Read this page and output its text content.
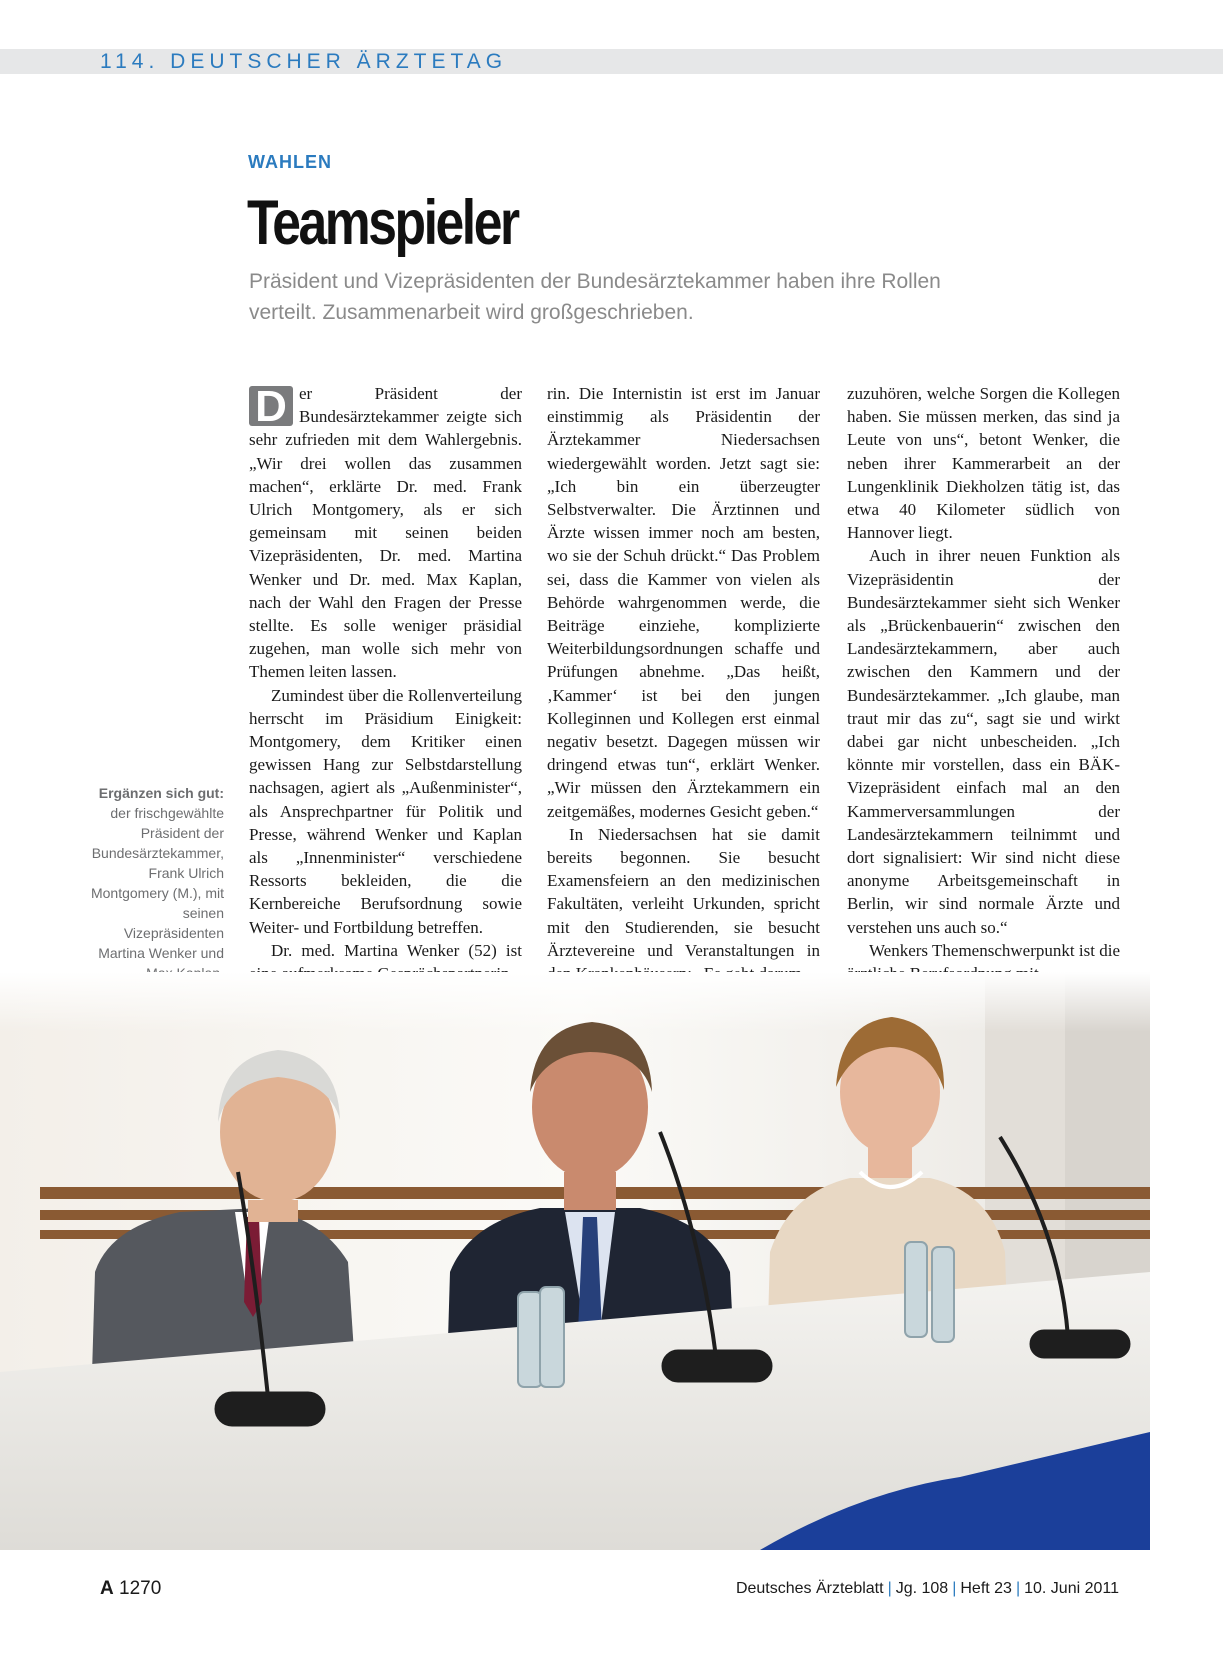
114. DEUTSCHER ÄRZTETAG
WAHLEN
Teamspieler
Präsident und Vizepräsidenten der Bundesärztekammer haben ihre Rollen verteilt. Zusammenarbeit wird großgeschrieben.
Ergänzen sich gut: der frischgewählte Präsident der Bundesärztekammer, Frank Ulrich Montgomery (M.), mit seinen Vizepräsidenten Martina Wenker und

D er Präsident der Bundesärztekammer zeigte sich sehr zufrieden mit dem Wahlergebnis. „Wir drei wollen das zusammen machen“, erklärte Dr. med. Frank Ulrich Montgomery, als er sich gemeinsam mit seinen beiden Vizepräsidenten, Dr. med. Martina Wenker und Dr. med. Max Kaplan, nach der Wahl den Fragen der Presse stellte. Es solle weniger präsidial zugehen, man wolle sich mehr von Themen leiten lassen.

Zumindest über die Rollenverteilung herrscht im Präsidium Einigkeit: Montgomery, dem Kritiker einen gewissen Hang zur Selbstdarstellung nachsagen, agiert als „Außenminister“, als Ansprechpartner für Politik und Presse, während Wenker und Kaplan als „Innenminister“ verschiedene Ressorts bekleiden, die die Kernbereiche Berufsordnung sowie Weiter- und Fortbildung betreffen.

Dr. med. Martina Wenker (52) ist

rin. Die Internistin ist erst im Januar einstimmig als Präsidentin der Ärztekammer Niedersachsen wiedergewählt worden. Jetzt sagt sie: „Ich bin ein überzeugter Selbstverwalter. Die Ärztinnen und Ärzte wissen immer noch am besten, wo sie der Schuh drückt.“ Das Problem sei, dass die Kammer von vielen als Behörde wahrgenommen werde, die Beiträge einziehe, komplizierte Weiterbildungsordnungen schaffe und Prüfungen abnehme. „Das heißt, ‚Kammer‘ ist bei den jungen Kolleginnen und Kollegen erst einmal negativ besetzt. Dagegen müssen wir dringend etwas tun“, erklärt Wenker. „Wir müssen den Ärztekammern ein zeitgemäßes, modernes Gesicht geben.“

In Niedersachsen hat sie damit bereits begonnen. Sie besucht Examensfeiern an den medizinischen Fakultäten, verleiht Urkunden, spricht mit den Studierenden, sie besucht Ärztevereine und Veranstaltungen in

zuzuhören, welche Sorgen die Kollegen haben. Sie müssen merken, das sind ja Leute von uns“, betont Wenker, die neben ihrer Kammerarbeit an der Lungenklinik Diekholzen tätig ist, das etwa 40 Kilometer südlich von Hannover liegt.

Auch in ihrer neuen Funktion als Vizepräsidentin der Bundesärztekammer sieht sich Wenker als „Brückenbauerin“ zwischen den Landesärztekammern, aber auch zwischen den Kammern und der Bundesärztekammer. „Ich glaube, man traut mir das zu“, sagt sie und wirkt dabei gar nicht unbescheiden. „Ich könnte mir vorstellen, dass ein BÄK-Vizepräsident einfach mal an den Kammerversammlungen der Landesärztekammern teilnimmt und dort signalisiert: Wir sind nicht diese anonyme Arbeitsgemeinschaft in Berlin, wir sind normale Ärzte und verstehen uns auch so.“

Wenkers Themenschwerpunkt ist die

A 1270	Deutsches Ärzteblatt | Jg. 108 | Heft 23 | 10. Juni 2011
